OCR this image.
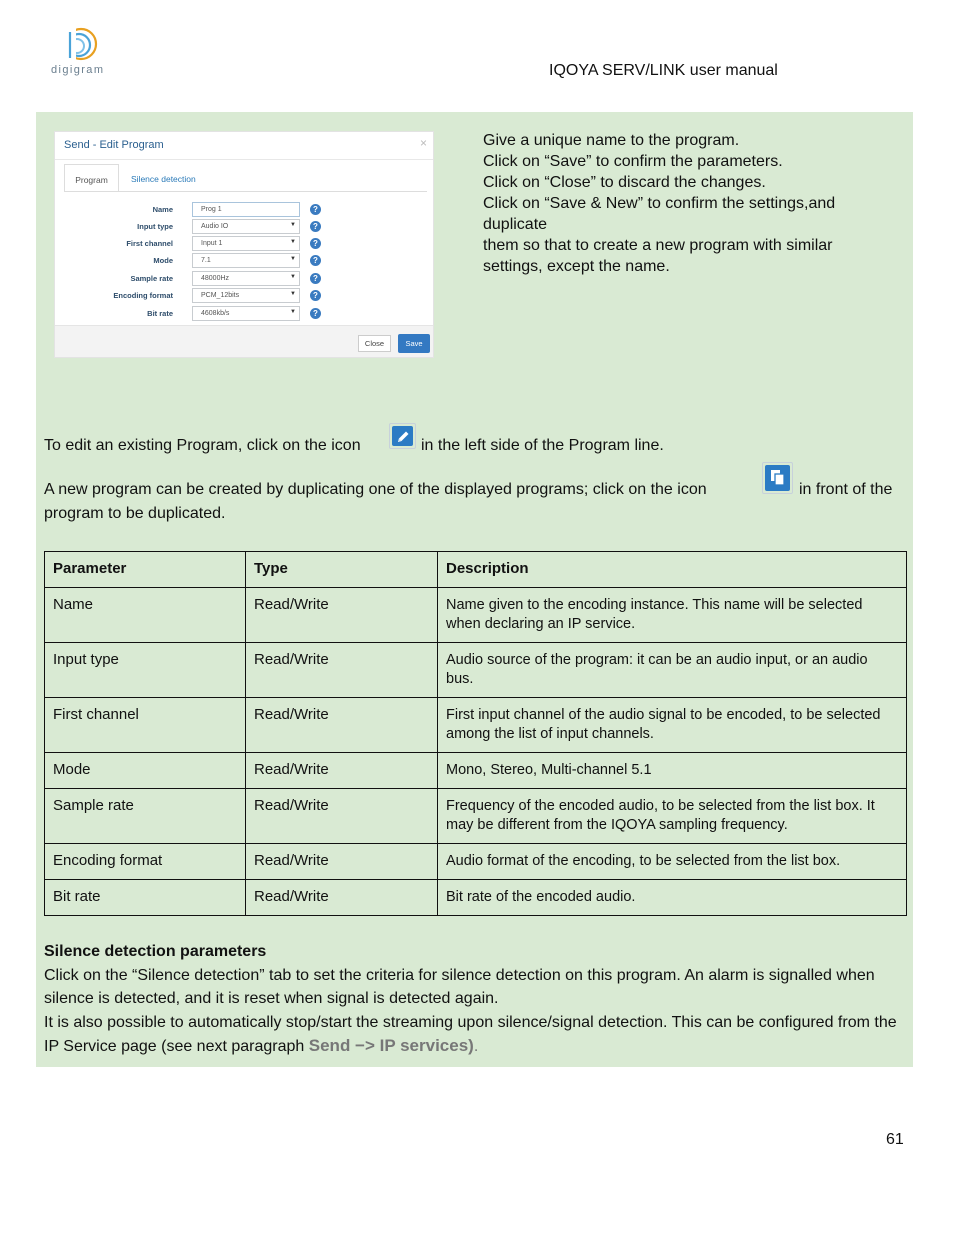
digigram	IQOYA SERV/LINK user manual
Send - Edit Program	×
Program	Silence detection
Name	Prog 1	?
Input type	Audio IO	▼	?
First channel	Input 1	▼	?
Mode	7.1	▼	?
Sample rate	48000Hz	▼	?
Encoding format	PCM_12bits	▼	?
Bit rate	4608kb/s	▼	?
Close	Save
Give a unique name to the program.
Click on “Save” to confirm the parameters.
Click on “Close” to discard the changes.
Click on “Save & New” to confirm the settings,and
duplicate
them so that to create a new program with similar
settings, except the name.
To edit an existing Program, click on the icon	in the left side of the Program line.
A new program can be created by duplicating one of the displayed programs; click on the icon	in front of the
program to be duplicated.
Parameter	Type	Description
Name	Read/Write	Name given to the encoding instance. This name will be selected when declaring an IP service.
Input type	Read/Write	Audio source of the program: it can be an audio input, or an audio bus.
First channel	Read/Write	First input channel of the audio signal to be encoded, to be selected among the list of input channels.
Mode	Read/Write	Mono, Stereo, Multi-channel 5.1
Sample rate	Read/Write	Frequency of the encoded audio, to be selected from the list box. It may be different from the IQOYA sampling frequency.
Encoding format	Read/Write	Audio format of the encoding, to be selected from the list box.
Bit rate	Read/Write	Bit rate of the encoded audio.
Silence detection parameters
Click on the “Silence detection” tab to set the criteria for silence detection on this program. An alarm is signalled when silence is detected, and it is reset when signal is detected again.
It is also possible to automatically stop/start the streaming upon silence/signal detection. This can be configured from the IP Service page (see next paragraph Send −> IP services).
61
